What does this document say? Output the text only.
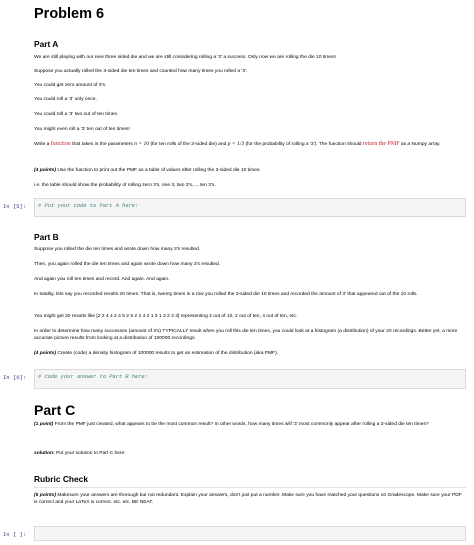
Problem 6
Part A
We are still playing with our new three sided die and we are still considering rolling a '3' a success. Only now we are rolling the die 10 times!
Suppose you actually rolled the 3-sided die ten times and counted how many times you rolled a '3'.
You could get zero amount of 3's.
You could roll a '3' only once.
You could roll a '3' two out of ten times.
You might even roll a '3' ten out of ten times!
Write a function that takes in the parameters n = 10 (for ten rolls of the 3-sided die) and p = 1/3 (for the probability of rolling a '3'). The function should return the PMF as a Numpy array.
(4 points) Use the function to print out the PMF as a table of values after rolling the 3-sided die 10 times.
i.e. the table should show the probability of rolling zero 3's, one 3, two 3's,..., ten 3's.
In [5]:	# Put your code to Part A here:
Part B
Suppose you rolled the die ten times and wrote down how many 3's resulted.
Then, you again rolled the die ten times and again wrote down how many 3's resulted.
And again you roll ten times and record. And again. And again.
In totality, lets say you recorded results 20 times. That is, twenty times in a row you rolled the 3-sided die 10 times and recorded the amount of 3' that appeared out of the 10 rolls.
You might get 20 results like [2 2 4 4 2 4 5 2 5 2 2 4 2 1 3 1 3 2 3 3] representing 2 out of 10, 2 out of ten, 4 out of ten, etc.
In order to determine how many successes (amount of 3's) TYPICALLY result when you roll this die ten times, you could look at a histogram (a distribution) of your 20 recordings. Better yet, a more accurate picture results from looking at a distribution of 100000 recordings.
(4 points) Create (code) a density histogram of 100000 results to get an estimation of the distribution (aka PMF).
In [6]:	# code your answer to Part B here:
Part C
(1 point) From the PMF just created, what appears to be the most common result? In other words, how many times will '3' most commonly appear after rolling a 3-sided die ten times?
solution: Put your solution to Part C here:
Rubric Check
(5 points) Makesure your answers are thorough but not redundant. Explain your answers, don't just put a number. Make sure you have matched your questions on Gradescope. Make sure your PDF is correct and your LaTeX is correct. etc. etc. BE NEAT.
In [ ]:
